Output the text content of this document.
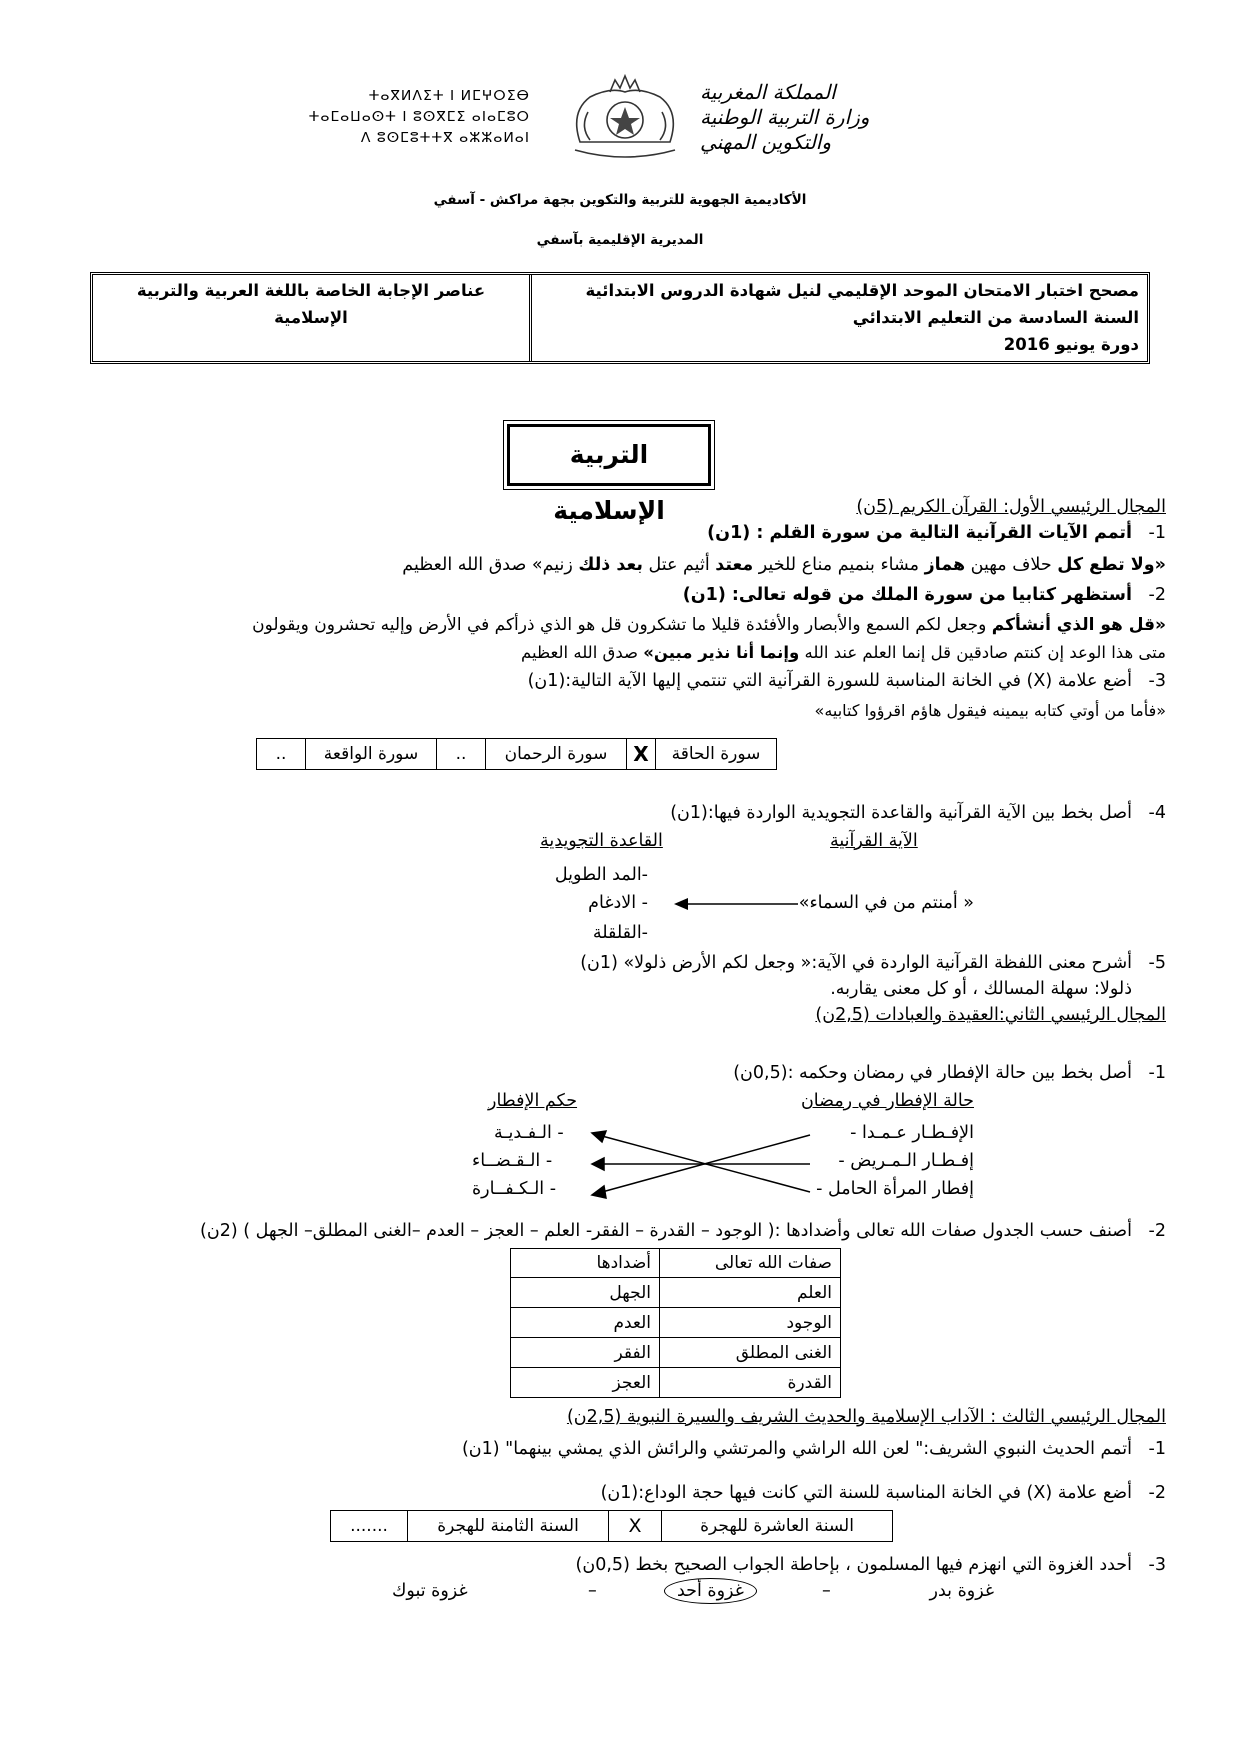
ⵜⴰⴳⵍⴷⵉⵜ ⵏ ⵍⵎⵖⵔⵉⴱ
ⵜⴰⵎⴰⵡⴰⵙⵜ ⵏ ⵓⵙⴳⵎⵉ ⴰⵏⴰⵎⵓⵔ
ⴷ ⵓⵙⵎⵓⵜⵜⴳ ⴰⵣⵣⴰⵍⴰⵏ
المملكة المغربية
وزارة التربية الوطنية
والتكوين المهني
الأكاديمية الجهوية للتربية والتكوين بجهة مراكش - آسفي
المديرية الإقليمية بآسفي
مصحح اختبار الامتحان الموحد الإقليمي لنيل شهادة الدروس الابتدائية
السنة السادسة من التعليم الابتدائي
دورة يونيو 2016
عناصر الإجابة الخاصة باللغة العربية والتربية
الإسلامية
التربية الإسلامية	المجال الرئيسي الأول: القرآن الكريم (5ن)
أتمم الآيات القرآنية التالية من سورة القلم : (1ن) 1-
«ولا تطع كل حلاف مهين هماز مشاء بنميم مناع للخير معتد أثيم عتل بعد ذلك زنيم» صدق الله العظيم
أستظهر كتابيا من سورة الملك من قوله تعالى: (1ن) 2-
«قل هو الذي أنشأكم وجعل لكم السمع والأبصار والأفئدة قليلا ما تشكرون قل هو الذي ذرأكم في الأرض وإليه تحشرون ويقولون
متى هذا الوعد إن كنتم صادقين قل إنما العلم عند الله وإنما أنا نذير مبين» صدق الله العظيم
أضع علامة (X) في الخانة المناسبة للسورة القرآنية التي تنتمي إليها الآية التالية:(1ن) 3-
«فأما من أوتي كتابه بيمينه فيقول هاؤم اقرؤوا كتابيه»
سورة الحاقة	X	سورة الرحمان	..	سورة الواقعة	..
أصل بخط بين الآية القرآنية والقاعدة التجويدية الواردة فيها:(1ن) 4-
الآية القرآنية
القاعدة التجويدية
-المد الطويل
- الادغام
-القلقلة
« أمنتم من في السماء»
أشرح معنى اللفظة القرآنية الواردة في الآية:« وجعل لكم الأرض ذلولا» (1ن) 5-
ذلولا: سهلة المسالك ، أو كل معنى يقاربه.
المجال الرئيسي الثاني:العقيدة والعبادات (2,5ن)
أصل بخط بين حالة الإفطار في رمضان وحكمه :(0,5ن) 1-
حالة الإفطار في رمضان
حكم الإفطار
الإفـطـار عـمـدا -
إفـطـار الـمـريض -
إفطار المرأة الحامل -
- الـفـديـة
- الـقـضــاء
- الـكـفــارة
أصنف حسب الجدول صفات الله تعالى وأضدادها :( الوجود – القدرة – الفقر- العلم – العجز – العدم –الغنى المطلق– الجهل ) (2ن) 2-
صفات الله تعالى	أضدادها
العلم	الجهل
الوجود	العدم
الغنى المطلق	الفقر
القدرة	العجز
المجال الرئيسي الثالث : الآداب الإسلامية والحديث الشريف والسيرة النبوية (2,5ن)
أتمم الحديث النبوي الشريف:" لعن الله الراشي والمرتشي والرائش الذي يمشي بينهما" (1ن) 1-
أضع علامة (X) في الخانة المناسبة للسنة التي كانت فيها حجة الوداع:(1ن) 2-
السنة العاشرة للهجرة	X	السنة الثامنة للهجرة	.......
أحدد الغزوة التي انهزم فيها المسلمون ، بإحاطة الجواب الصحيح بخط (0,5ن) 3-
غزوة بدر
–
غزوة أحد
–
غزوة تبوك
